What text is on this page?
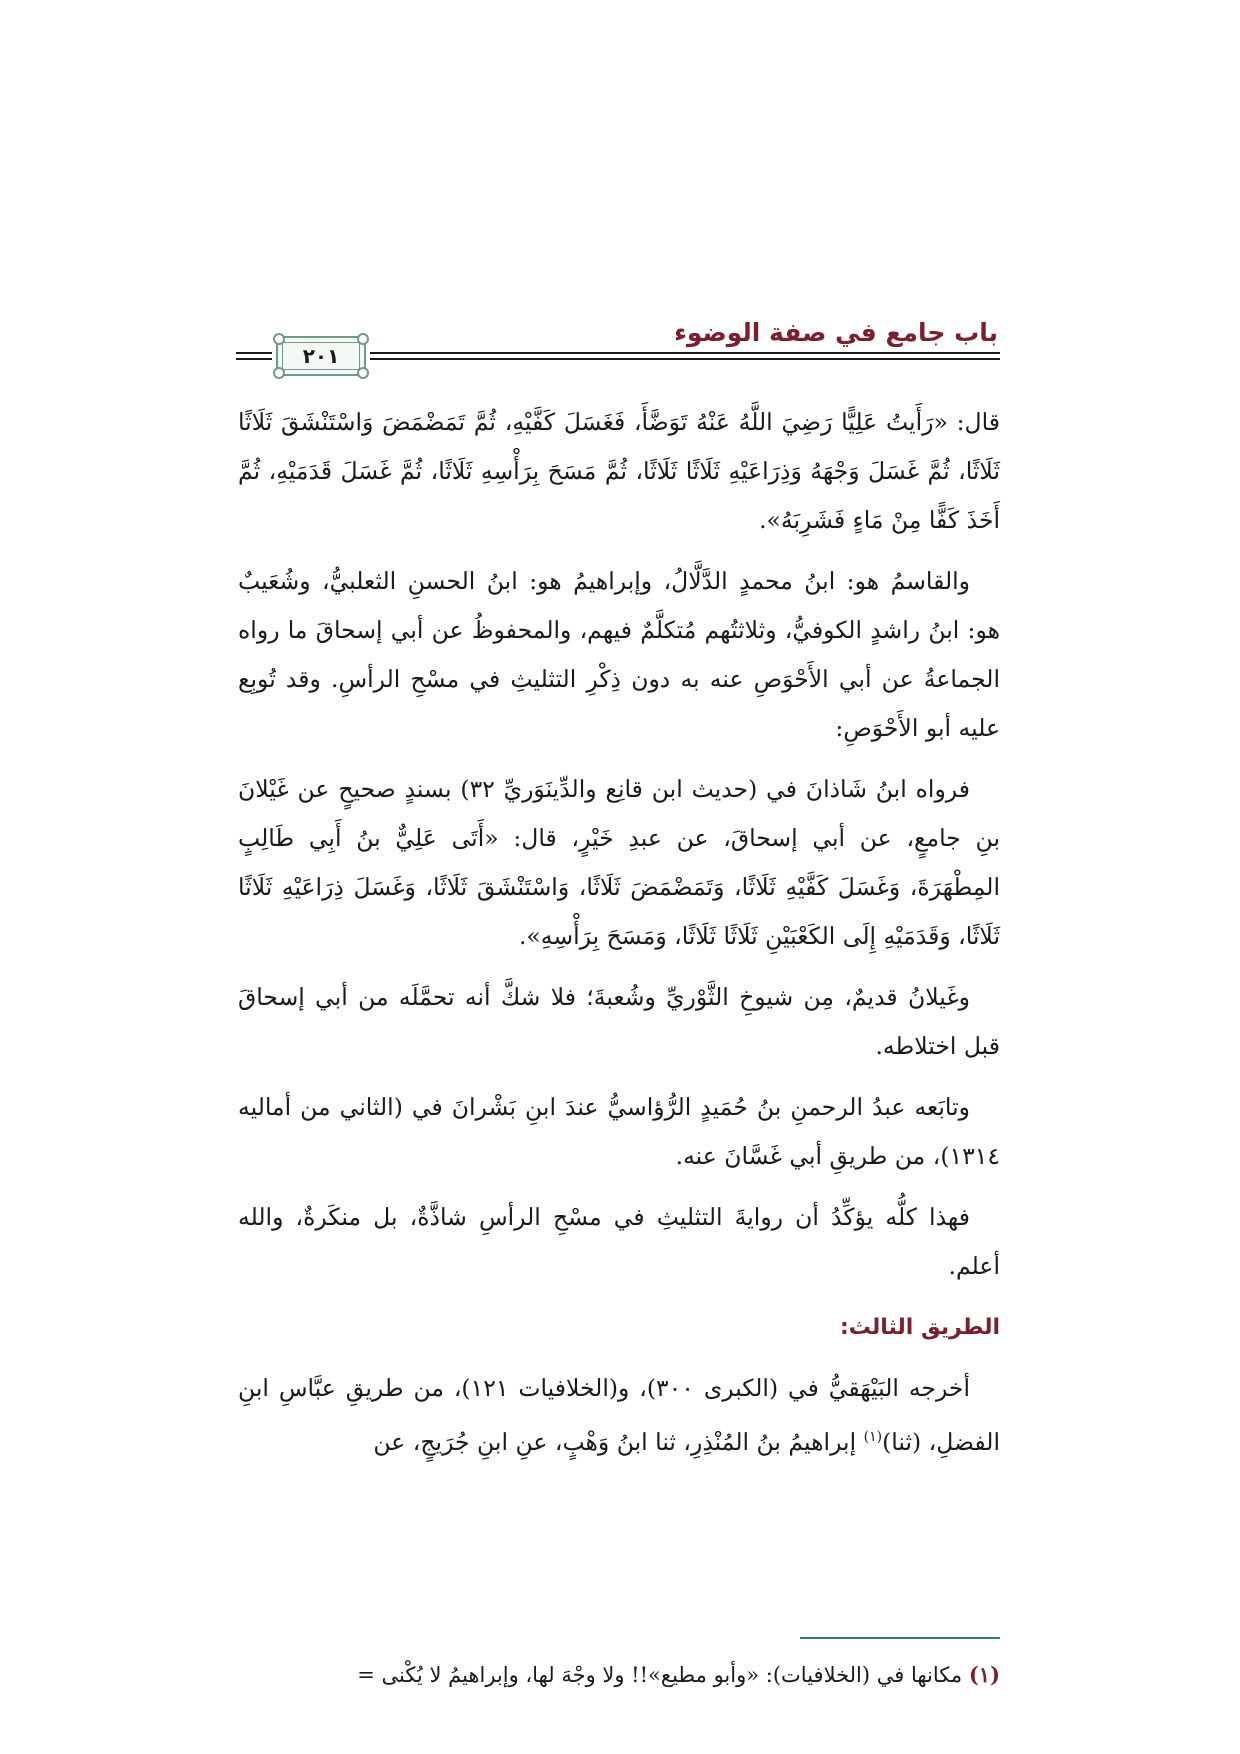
باب جامع في صفة الوضوء
٢٠١

قال: «رَأَيتُ عَلِيًّا رَضِيَ اللَّهُ عَنْهُ تَوَضَّأَ، فَغَسَلَ كَفَّيْهِ، ثُمَّ تَمَضْمَضَ وَاسْتَنْشَقَ ثَلَاثًا ثَلَاثًا، ثُمَّ غَسَلَ وَجْهَهُ وَذِرَاعَيْهِ ثَلَاثًا ثَلَاثًا، ثُمَّ مَسَحَ بِرَأْسِهِ ثَلَاثًا، ثُمَّ غَسَلَ قَدَمَيْهِ، ثُمَّ أَخَذَ كَفًّا مِنْ مَاءٍ فَشَرِبَهُ».

والقاسمُ هو: ابنُ محمدٍ الدَّلَّالُ، وإبراهيمُ هو: ابنُ الحسنِ الثعلبيُّ، وشُعَيبٌ هو: ابنُ راشدٍ الكوفيُّ، وثلاثتُهم مُتكلَّمٌ فيهم، والمحفوظُ عن أبي إسحاقَ ما رواه الجماعةُ عن أبي الأَحْوَصِ عنه به دون ذِكْرِ التثليثِ في مسْحِ الرأسِ. وقد تُوبِع عليه أبو الأَحْوَصِ:

فرواه ابنُ شَاذانَ في (حديث ابن قانِع والدِّينَوَريِّ ٣٢) بسندٍ صحيحٍ عن غَيْلانَ بنِ جامعٍ، عن أبي إسحاقَ، عن عبدِ خَيْرٍ، قال: «أَتَى عَلِيٌّ بنُ أَبِي طَالِبٍ المِطْهَرَةَ، وَغَسَلَ كَفَّيْهِ ثَلَاثًا، وَتَمَضْمَضَ ثَلَاثًا، وَاسْتَنْشَقَ ثَلَاثًا، وَغَسَلَ ذِرَاعَيْهِ ثَلَاثًا ثَلَاثًا، وَقَدَمَيْهِ إِلَى الكَعْبَيْنِ ثَلَاثًا ثَلَاثًا، وَمَسَحَ بِرَأْسِهِ».

وغَيلانُ قديمٌ، مِن شيوخِ الثَّوْريِّ وشُعبةَ؛ فلا شكَّ أنه تحمَّلَه من أبي إسحاقَ قبل اختلاطه.

وتابَعه عبدُ الرحمنِ بنُ حُمَيدٍ الرُّؤاسيُّ عندَ ابنِ بَشْرانَ في (الثاني من أماليه ١٣١٤)، من طريقِ أبي غَسَّانَ عنه.

فهذا كلُّه يؤكِّدُ أن روايةَ التثليثِ في مسْحِ الرأسِ شاذَّةٌ، بل منكَرةٌ، والله أعلم.

الطريق الثالث:

أخرجه البَيْهَقيُّ في (الكبرى ٣٠٠)، و(الخلافيات ١٢١)، من طريقِ عبَّاسِ ابنِ الفضلِ، (ثنا)$^{(١)}$ إبراهيمُ بنُ المُنْذِرِ، ثنا ابنُ وَهْبٍ، عنِ ابنِ جُرَيجٍ، عن

(١) مكانها في (الخلافيات): «وأبو مطيع»!! ولا وجْهَ لها، وإبراهيمُ لا يُكْنى =
